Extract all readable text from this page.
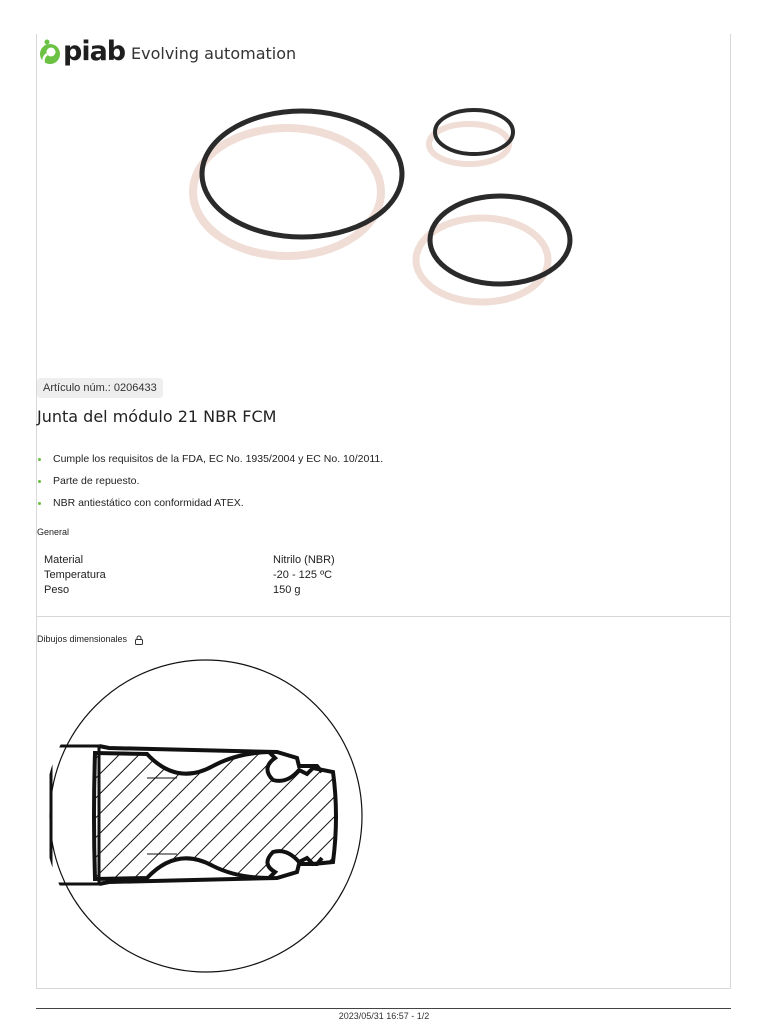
piab Evolving automation
Artículo núm.: 0206433
Junta del módulo 21 NBR FCM
Cumple los requisitos de la FDA, EC No. 1935/2004 y EC No. 10/2011.
Parte de repuesto.
NBR antiestático con conformidad ATEX.
General
Material	Nitrilo (NBR)
Temperatura	-20 - 125 ºC
Peso	150 g
Dibujos dimensionales
2023/05/31 16:57 - 1/2
